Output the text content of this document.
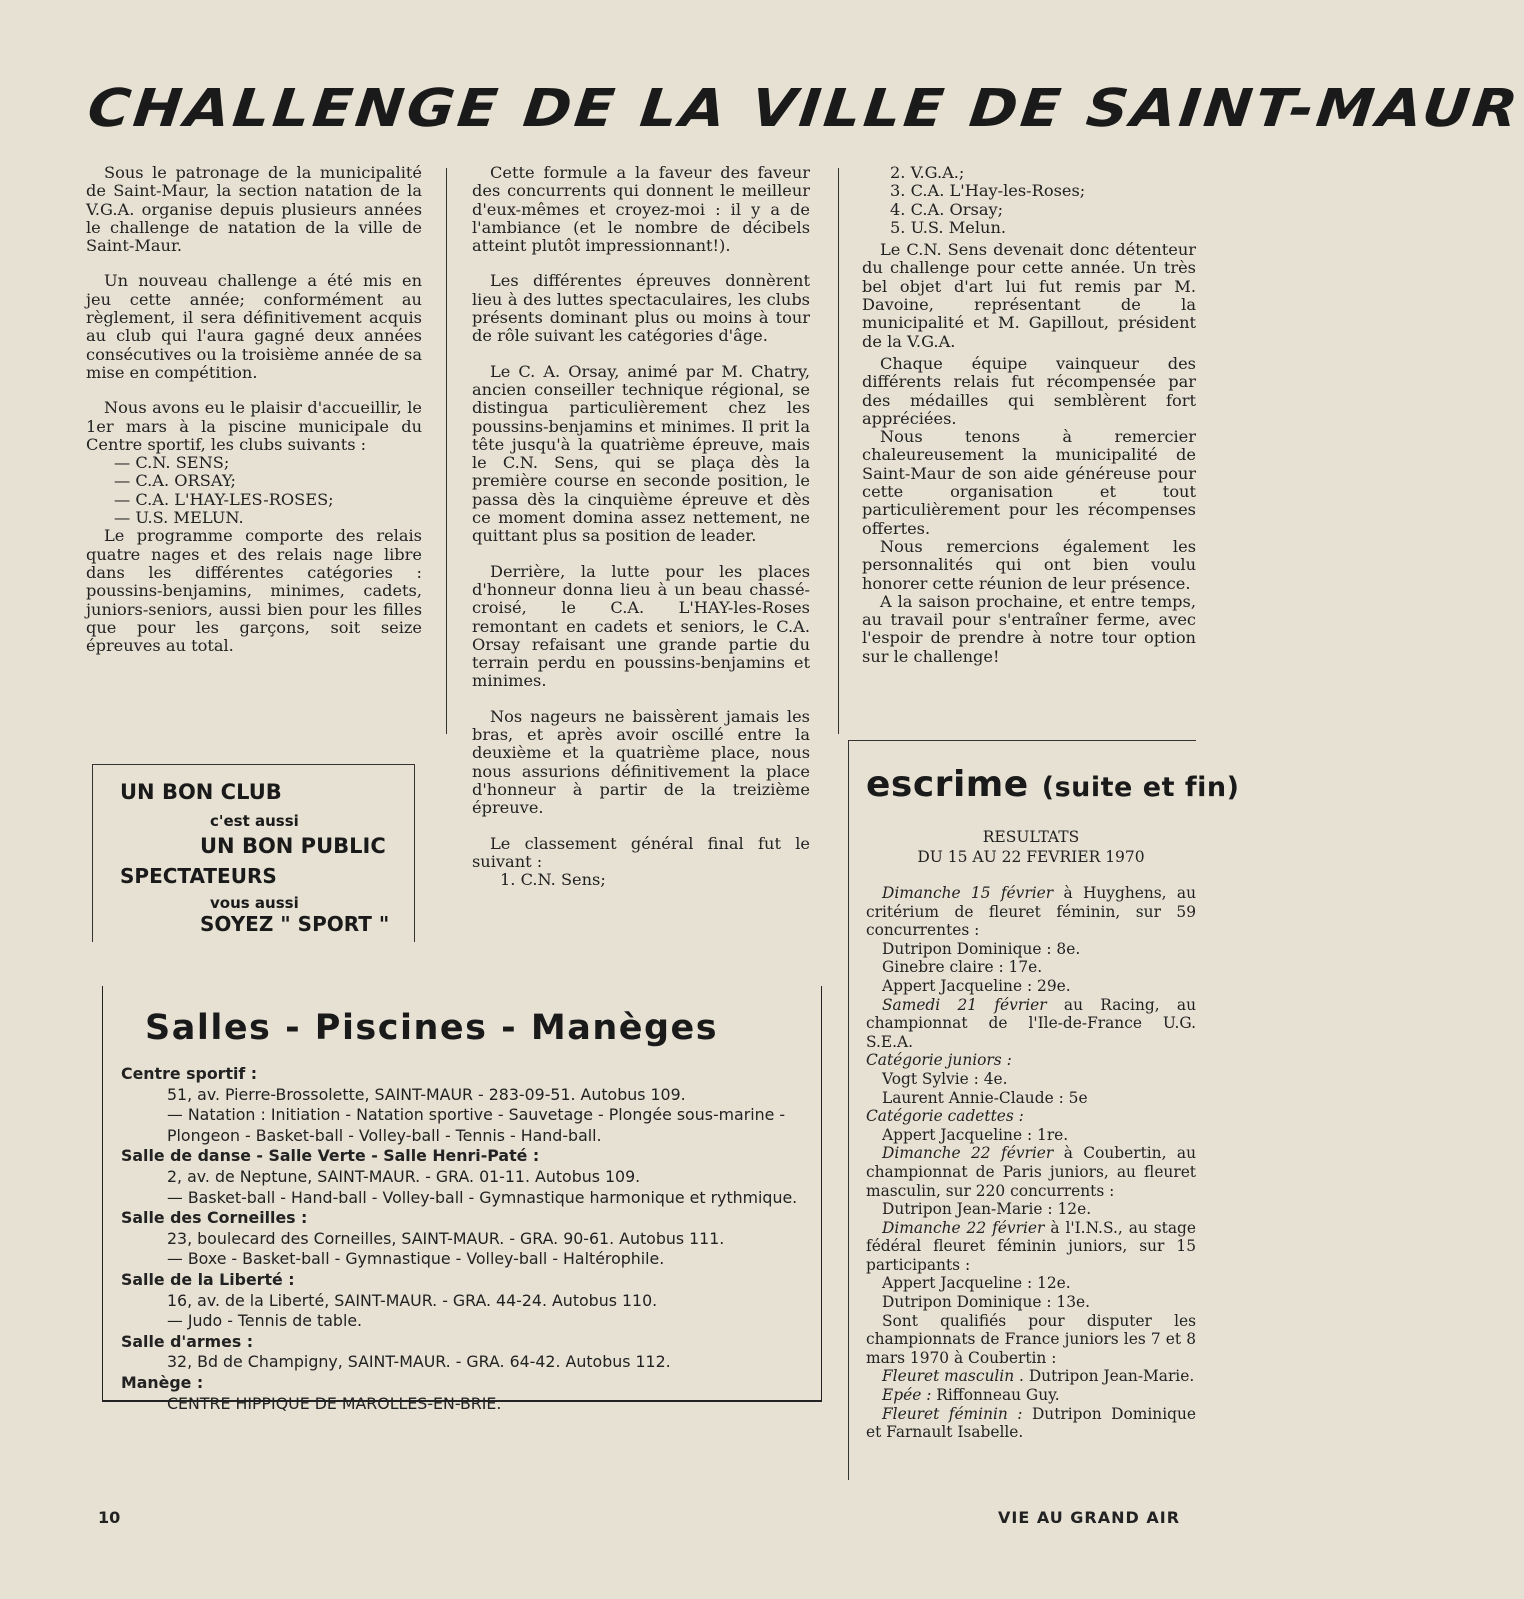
CHALLENGE DE LA VILLE DE SAINT-MAUR

Sous le patronage de la municipalité de Saint-Maur, la section natation de la V.G.A. organise depuis plusieurs années le challenge de natation de la ville de Saint-Maur.

Un nouveau challenge a été mis en jeu cette année; conformément au règlement, il sera définitivement acquis au club qui l'aura gagné deux années consécutives ou la troisième année de sa mise en compétition.

Nous avons eu le plaisir d'accueillir, le 1er mars à la piscine municipale du Centre sportif, les clubs suivants :

— C.N. SENS;

— C.A. ORSAY;

— C.A. L'HAY-LES-ROSES;

— U.S. MELUN.

Le programme comporte des relais quatre nages et des relais nage libre dans les différentes catégories : poussins-benjamins, minimes, cadets, juniors-seniors, aussi bien pour les filles que pour les garçons, soit seize épreuves au total.

Cette formule a la faveur des faveur des concurrents qui donnent le meilleur d'eux-mêmes et croyez-moi : il y a de l'ambiance (et le nombre de décibels atteint plutôt impressionnant!).

Les différentes épreuves donnèrent lieu à des luttes spectaculaires, les clubs présents dominant plus ou moins à tour de rôle suivant les catégories d'âge.

Le C. A. Orsay, animé par M. Chatry, ancien conseiller technique régional, se distingua particulièrement chez les poussins-benjamins et minimes. Il prit la tête jusqu'à la quatrième épreuve, mais le C.N. Sens, qui se plaça dès la première course en seconde position, le passa dès la cinquième épreuve et dès ce moment domina assez nettement, ne quittant plus sa position de leader.

Derrière, la lutte pour les places d'honneur donna lieu à un beau chassé-croisé, le C.A. L'HAY-les-Roses remontant en cadets et seniors, le C.A. Orsay refaisant une grande partie du terrain perdu en poussins-benjamins et minimes.

Nos nageurs ne baissèrent jamais les bras, et après avoir oscillé entre la deuxième et la quatrième place, nous nous assurions définitivement la place d'honneur à partir de la treizième épreuve.

Le classement général final fut le suivant :

1. C.N. Sens;

2. V.G.A.;

3. C.A. L'Hay-les-Roses;

4. C.A. Orsay;

5. U.S. Melun.

Le C.N. Sens devenait donc détenteur du challenge pour cette année. Un très bel objet d'art lui fut remis par M. Davoine, représentant de la municipalité et M. Gapillout, président de la V.G.A.

Chaque équipe vainqueur des différents relais fut récompensée par des médailles qui semblèrent fort appréciées.

Nous tenons à remercier chaleureusement la municipalité de Saint-Maur de son aide généreuse pour cette organisation et tout particulièrement pour les récompenses offertes.

Nous remercions également les personnalités qui ont bien voulu honorer cette réunion de leur présence.

A la saison prochaine, et entre temps, au travail pour s'entraîner ferme, avec l'espoir de prendre à notre tour option sur le challenge!

UN BON CLUB
c'est aussi
UN BON PUBLIC
SPECTATEURS
vous aussi
SOYEZ " SPORT "
Salles - Piscines - Manèges

Centre sportif :

51, av. Pierre-Brossolette, SAINT-MAUR - 283-09-51. Autobus 109.

— Natation : Initiation - Natation sportive - Sauvetage - Plongée sous-marine - Plongeon - Basket-ball - Volley-ball - Tennis - Hand-ball.

Salle de danse - Salle Verte - Salle Henri-Paté :

2, av. de Neptune, SAINT-MAUR. - GRA. 01-11. Autobus 109.

— Basket-ball - Hand-ball - Volley-ball - Gymnastique harmonique et rythmique.

Salle des Corneilles :

23, boulecard des Corneilles, SAINT-MAUR. - GRA. 90-61. Autobus 111.

— Boxe - Basket-ball - Gymnastique - Volley-ball - Haltérophile.

Salle de la Liberté :

16, av. de la Liberté, SAINT-MAUR. - GRA. 44-24. Autobus 110.

— Judo - Tennis de table.

Salle d'armes :

32, Bd de Champigny, SAINT-MAUR. - GRA. 64-42. Autobus 112.

Manège :

CENTRE HIPPIQUE DE MAROLLES-EN-BRIE.

escrime (suite et fin)
RESULTATS
DU 15 AU 22 FEVRIER 1970

Dimanche 15 février à Huyghens, au critérium de fleuret féminin, sur 59 concurrentes :

Dutripon Dominique : 8e.

Ginebre claire : 17e.

Appert Jacqueline : 29e.

Samedi 21 février au Racing, au championnat de l'Ile-de-France U.G. S.E.A.

Catégorie juniors :

Vogt Sylvie : 4e.

Laurent Annie-Claude : 5e

Catégorie cadettes :

Appert Jacqueline : 1re.

Dimanche 22 février à Coubertin, au championnat de Paris juniors, au fleuret masculin, sur 220 concurrents :

Dutripon Jean-Marie : 12e.

Dimanche 22 février à l'I.N.S., au stage fédéral fleuret féminin juniors, sur 15 participants :

Appert Jacqueline : 12e.

Dutripon Dominique : 13e.

Sont qualifiés pour disputer les championnats de France juniors les 7 et 8 mars 1970 à Coubertin :

Fleuret masculin . Dutripon Jean-Marie.

Epée : Riffonneau Guy.

Fleuret féminin : Dutripon Dominique et Farnault Isabelle.

10	VIE AU GRAND AIR
